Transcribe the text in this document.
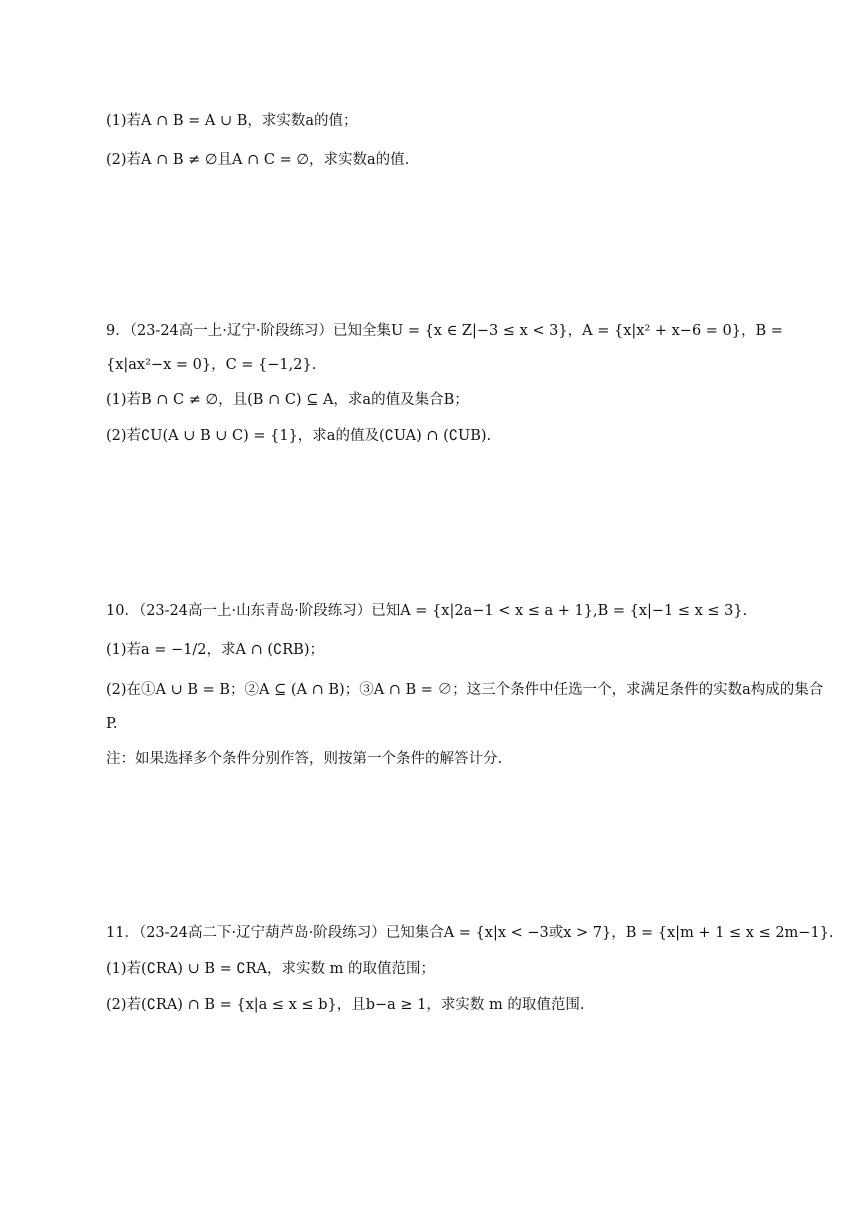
(1)若A ∩ B = A ∪ B，求实数a的值；
(2)若A ∩ B ≠ ∅且A ∩ C = ∅，求实数a的值.
9．（23-24高一上·辽宁·阶段练习）已知全集U = {x ∈ Z|−3 ≤ x < 3}，A = {x|x² + x−6 = 0}，B =
{x|ax²−x = 0}，C = {−1,2}.
(1)若B ∩ C ≠ ∅，且(B ∩ C) ⊆ A，求a的值及集合B；
(2)若∁U(A ∪ B ∪ C) = {1}，求a的值及(∁UA) ∩ (∁UB).
10．（23-24高一上·山东青岛·阶段练习）已知A = {x|2a−1 < x ≤ a + 1},B = {x|−1 ≤ x ≤ 3}.
(1)若a = −1/2，求A ∩ (∁RB)；
(2)在①A ∪ B = B；②A ⊆ (A ∩ B)；③A ∩ B = ∅；这三个条件中任选一个，求满足条件的实数a构成的集合
P.
注：如果选择多个条件分别作答，则按第一个条件的解答计分.
11．（23-24高二下·辽宁葫芦岛·阶段练习）已知集合A = {x|x < −3或x > 7}，B = {x|m + 1 ≤ x ≤ 2m−1}.
(1)若(∁RA) ∪ B = ∁RA，求实数 m 的取值范围；
(2)若(∁RA) ∩ B = {x|a ≤ x ≤ b}，且b−a ≥ 1，求实数 m 的取值范围.
